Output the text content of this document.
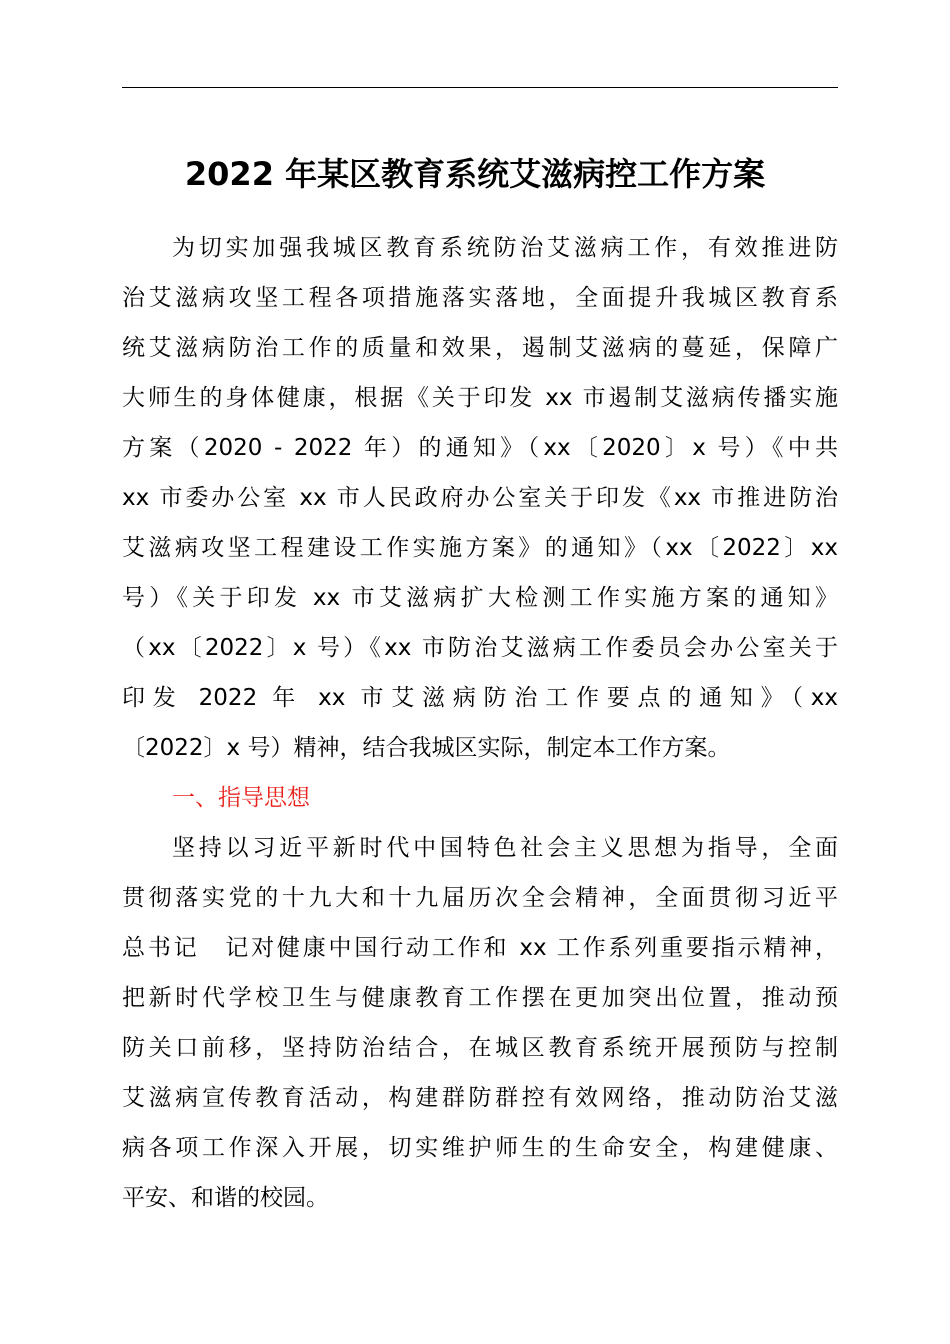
2022 年某区教育系统艾滋病控工作方案
为切实加强我城区教育系统防治艾滋病工作，有效推进防
治艾滋病攻坚工程各项措施落实落地，全面提升我城区教育系
统艾滋病防治工作的质量和效果，遏制艾滋病的蔓延，保障广
大师生的身体健康，根据《关于印发 xx 市遏制艾滋病传播实施
方案（2020 - 2022 年）的通知》（xx〔2020〕x 号）《中共
xx 市委办公室 xx 市人民政府办公室关于印发《xx 市推进防治
艾滋病攻坚工程建设工作实施方案》的通知》（xx〔2022〕xx
号）《关于印发 xx 市艾滋病扩大检测工作实施方案的通知》
（xx〔2022〕x 号）《xx 市防治艾滋病工作委员会办公室关于
印发 2022 年 xx 市艾滋病防治工作要点的通知》（xx
〔2022〕x 号）精神，结合我城区实际，制定本工作方案。
一、指导思想
坚持以习近平新时代中国特色社会主义思想为指导，全面
贯彻落实党的十九大和十九届历次全会精神，全面贯彻习近平
总书记　记对健康中国行动工作和 xx 工作系列重要指示精神，
把新时代学校卫生与健康教育工作摆在更加突出位置，推动预
防关口前移，坚持防治结合，在城区教育系统开展预防与控制
艾滋病宣传教育活动，构建群防群控有效网络，推动防治艾滋
病各项工作深入开展，切实维护师生的生命安全，构建健康、
平安、和谐的校园。
